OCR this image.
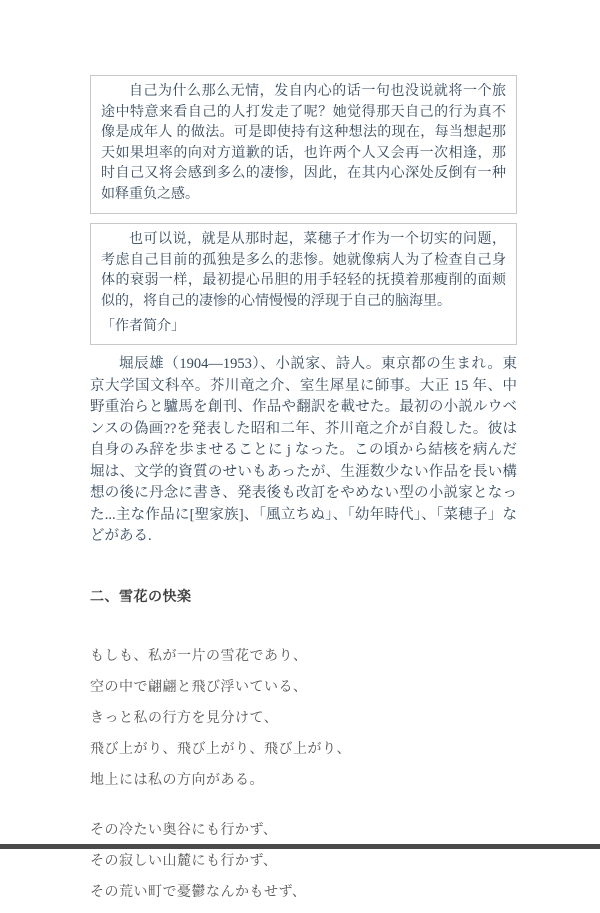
自己为什么那么无情，发自内心的话一句也没说就将一个旅途中特意来看自己的人打发走了呢？她觉得那天自己的行为真不像是成年人 的做法。可是即使持有这种想法的现在，每当想起那天如果坦率的向对方道歉的话，也许两个人又会再一次相逢，那时自己又将会感到多么的凄惨，因此，在其内心深处反倒有一种如释重负之感。

也可以说，就是从那时起，菜穗子才作为一个切实的问题，考虑自己目前的孤独是多么的悲惨。她就像病人为了检查自己身体的衰弱一样，最初提心吊胆的用手轻轻的抚摸着那瘦削的面颊似的，将自己的凄惨的心情慢慢的浮现于自己的脑海里。

「作者简介」

堀辰雄（1904—1953）、小説家、詩人。東京都の生まれ。東京大学国文科卒。芥川竜之介、室生犀星に師事。大正 15 年、中野重治らと驢馬を創刊、作品や翻訳を載せた。最初の小説ルウベンスの偽画??を発表した昭和二年、芥川竜之介が自殺した。彼は自身のみ辞を歩ませることに j なった。この頃から結核を病んだ堀は、文学的資質のせいもあったが、生涯数少ない作品を長い構想の後に丹念に書き、発表後も改訂をやめない型の小説家となった...主な作品に[聖家族]、「風立ちぬ」、「幼年時代」、「菜穂子」などがある.

二、雪花の快楽

もしも、私が一片の雪花であり、

空の中で翩翩と飛び浮いている、

きっと私の行方を見分けて、

飛び上がり、飛び上がり、飛び上がり、

地上には私の方向がある。

その冷たい奥谷にも行かず、

その寂しい山麓にも行かず、

その荒い町で憂鬱なんかもせず、
